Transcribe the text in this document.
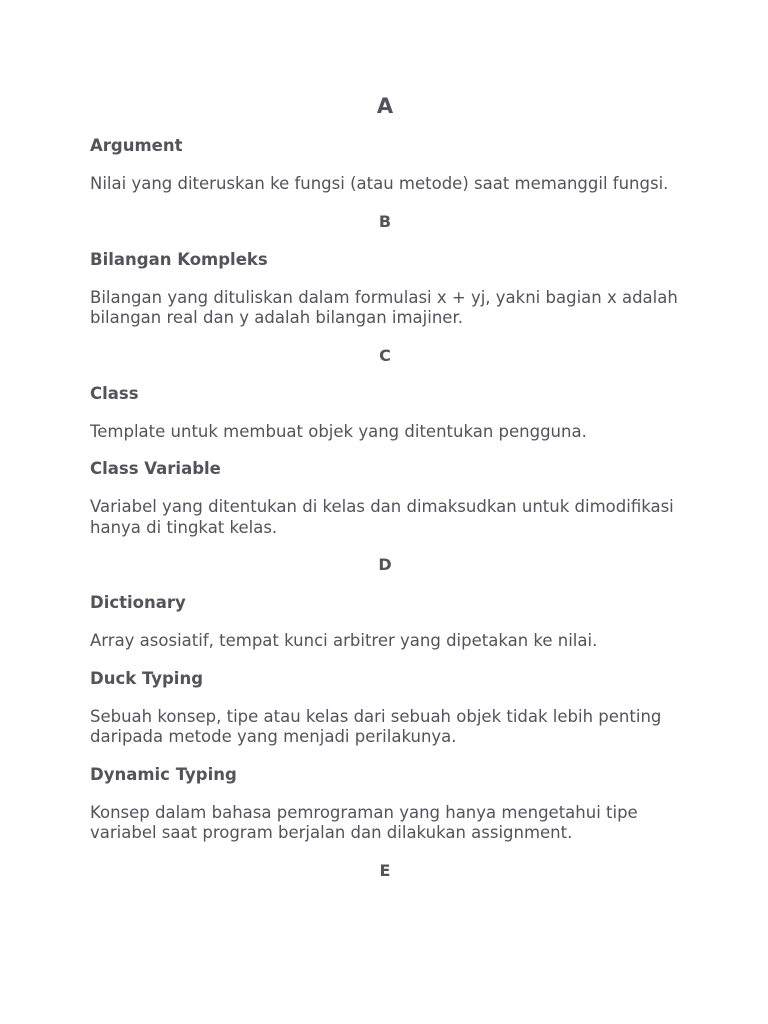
A
Argument
Nilai yang diteruskan ke fungsi (atau metode) saat memanggil fungsi.
B
Bilangan Kompleks
Bilangan yang dituliskan dalam formulasi x + yj, yakni bagian x adalah bilangan real dan y adalah bilangan imajiner.
C
Class
Template untuk membuat objek yang ditentukan pengguna.
Class Variable
Variabel yang ditentukan di kelas dan dimaksudkan untuk dimodifikasi hanya di tingkat kelas.
D
Dictionary
Array asosiatif, tempat kunci arbitrer yang dipetakan ke nilai.
Duck Typing
Sebuah konsep, tipe atau kelas dari sebuah objek tidak lebih penting daripada metode yang menjadi perilakunya.
Dynamic Typing
Konsep dalam bahasa pemrograman yang hanya mengetahui tipe variabel saat program berjalan dan dilakukan assignment.
E
